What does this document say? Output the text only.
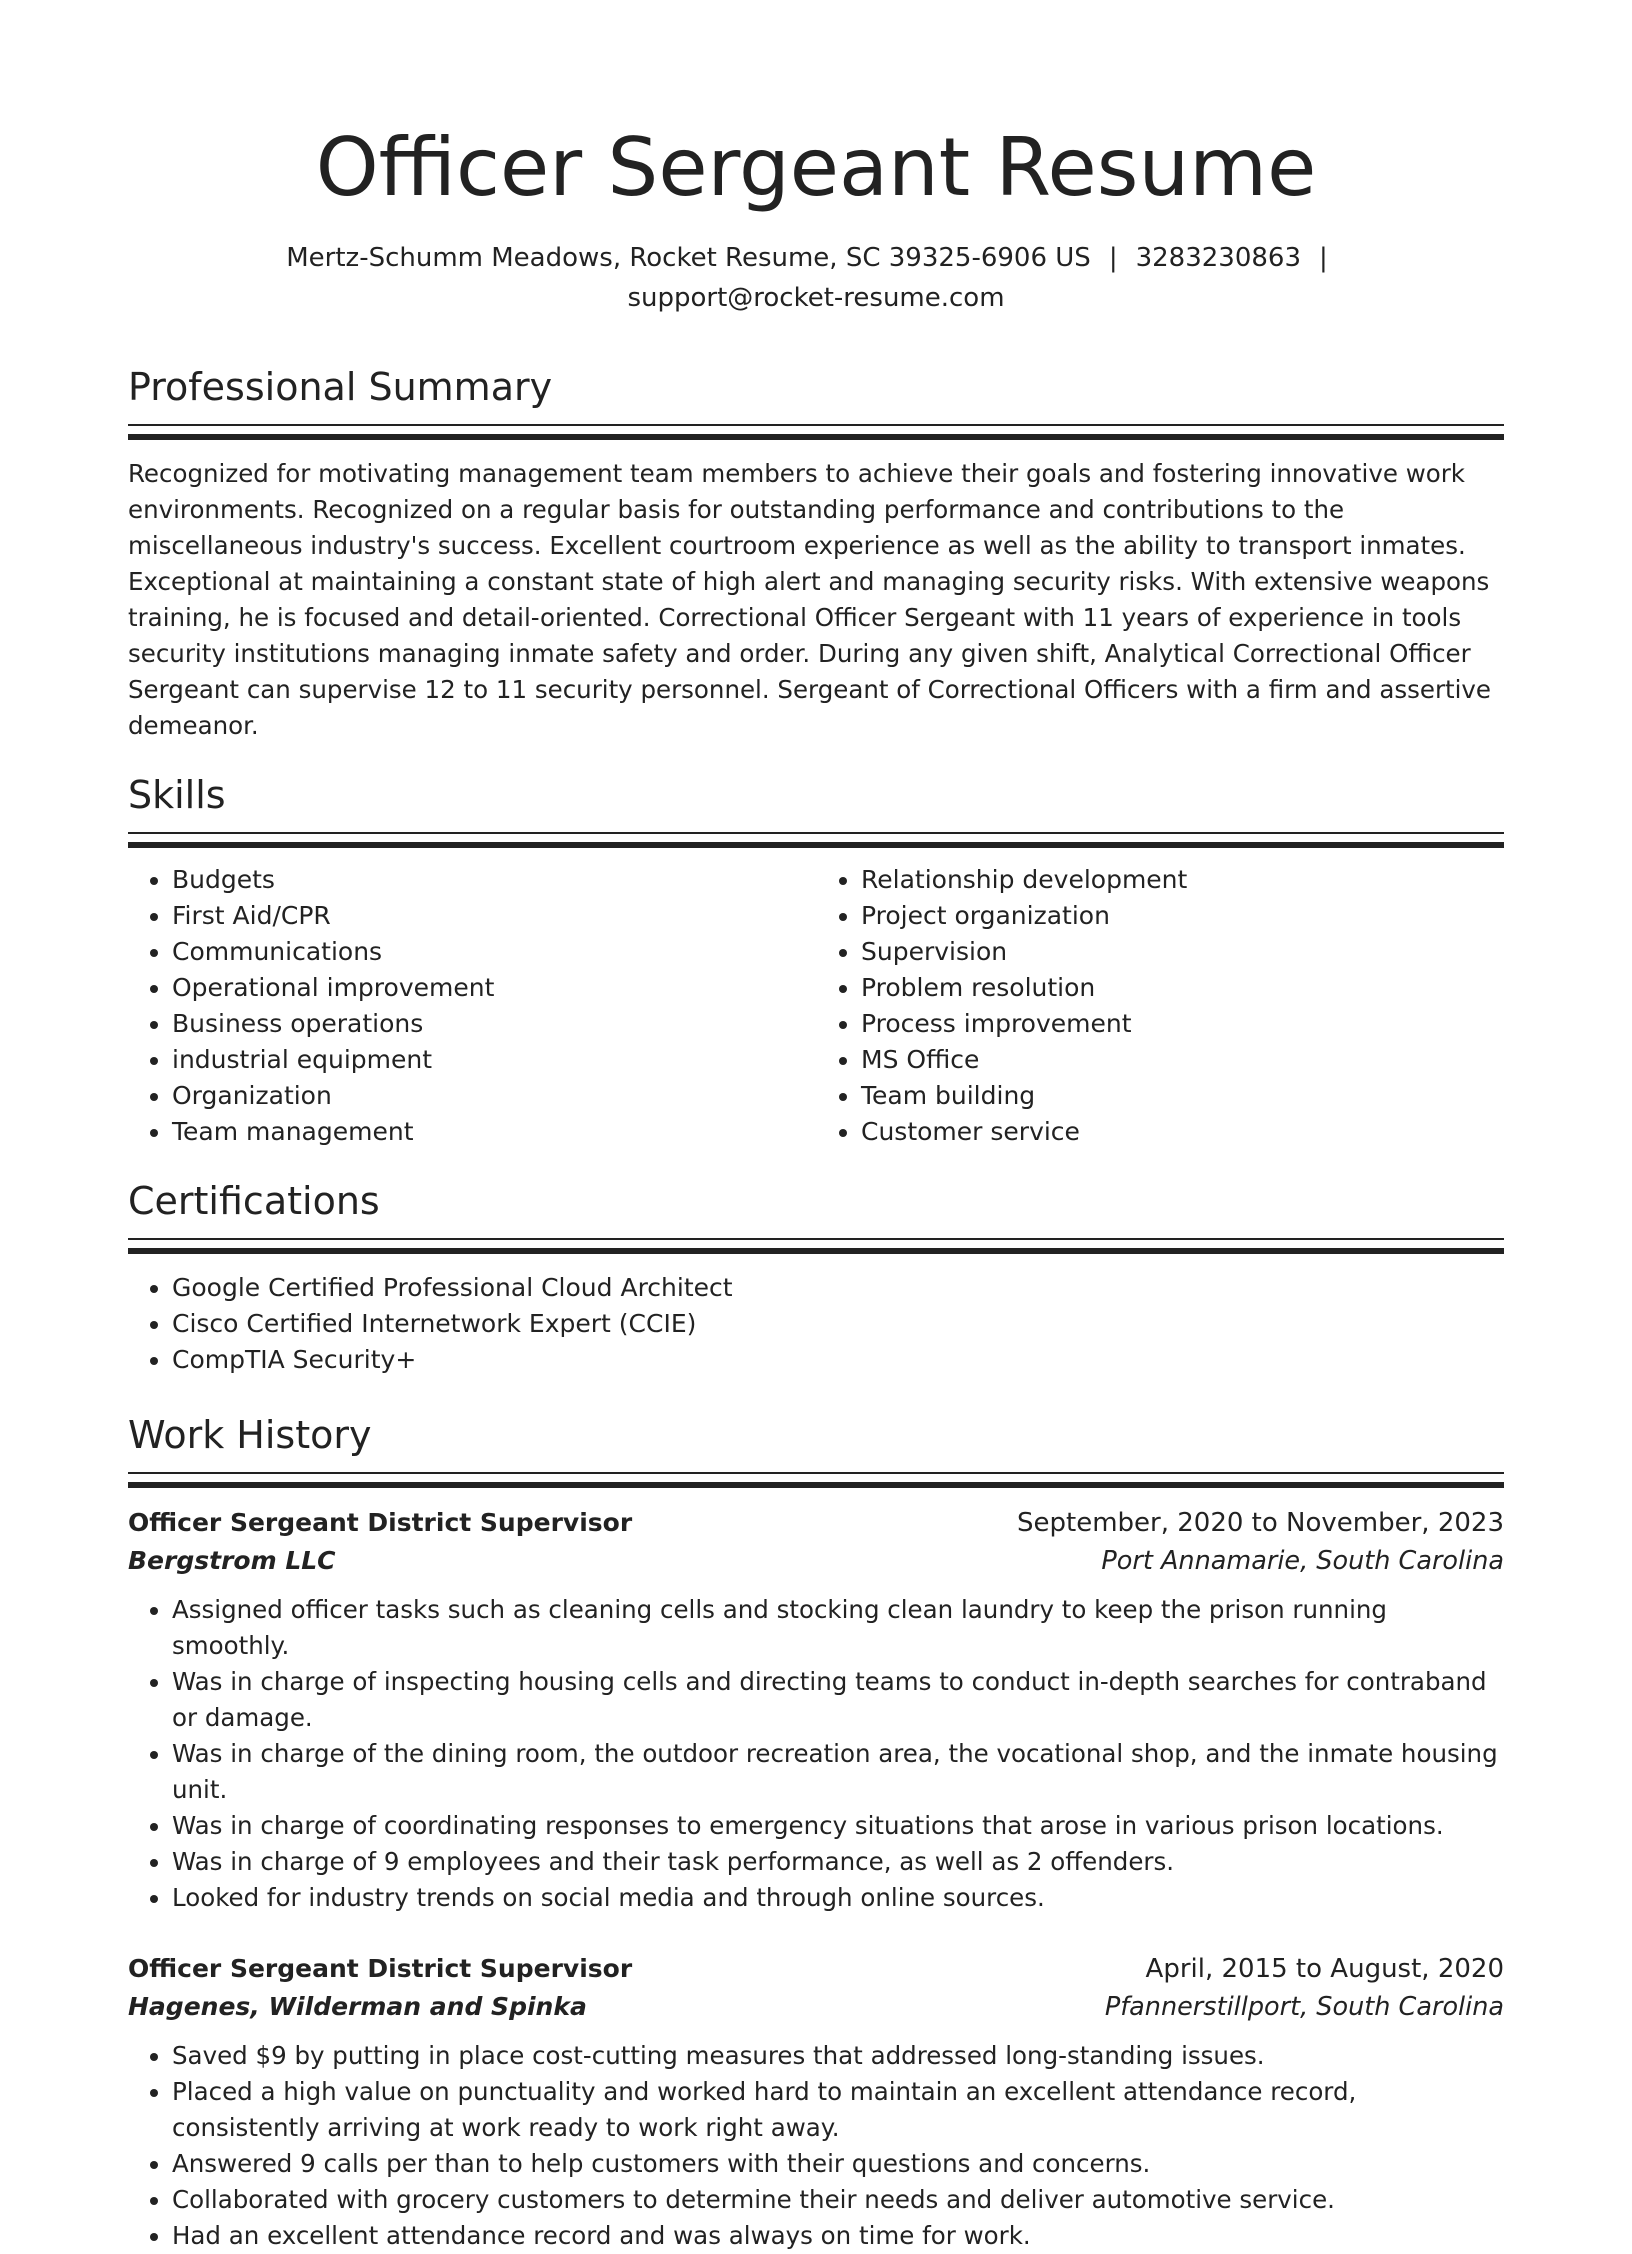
Officer Sergeant Resume
Mertz-Schumm Meadows, Rocket Resume, SC 39325-6906 US | 3283230863 |
support@rocket-resume.com
Professional Summary

Recognized for motivating management team members to achieve their goals and fostering innovative work environments. Recognized on a regular basis for outstanding performance and contributions to the miscellaneous industry's success. Excellent courtroom experience as well as the ability to transport inmates. Exceptional at maintaining a constant state of high alert and managing security risks. With extensive weapons training, he is focused and detail-oriented. Correctional Officer Sergeant with 11 years of experience in tools security institutions managing inmate safety and order. During any given shift, Analytical Correctional Officer Sergeant can supervise 12 to 11 security personnel. Sergeant of Correctional Officers with a firm and assertive demeanor.

Skills
• Budgets
• First Aid/CPR
• Communications
• Operational improvement
• Business operations
• industrial equipment
• Organization
• Team management
• Relationship development
• Project organization
• Supervision
• Problem resolution
• Process improvement
• MS Office
• Team building
• Customer service
Certifications
• Google Certified Professional Cloud Architect
• Cisco Certified Internetwork Expert (CCIE)
• CompTIA Security+
Work History
Officer Sergeant District Supervisor	September, 2020 to November, 2023
Bergstrom LLC	Port Annamarie, South Carolina
• Assigned officer tasks such as cleaning cells and stocking clean laundry to keep the prison running smoothly.
• Was in charge of inspecting housing cells and directing teams to conduct in-depth searches for contraband or damage.
• Was in charge of the dining room, the outdoor recreation area, the vocational shop, and the inmate housing unit.
• Was in charge of coordinating responses to emergency situations that arose in various prison locations.
• Was in charge of 9 employees and their task performance, as well as 2 offenders.
• Looked for industry trends on social media and through online sources.
Officer Sergeant District Supervisor	April, 2015 to August, 2020
Hagenes, Wilderman and Spinka	Pfannerstillport, South Carolina
• Saved $9 by putting in place cost-cutting measures that addressed long-standing issues.
• Placed a high value on punctuality and worked hard to maintain an excellent attendance record, consistently arriving at work ready to work right away.
• Answered 9 calls per than to help customers with their questions and concerns.
• Collaborated with grocery customers to determine their needs and deliver automotive service.
• Had an excellent attendance record and was always on time for work.
